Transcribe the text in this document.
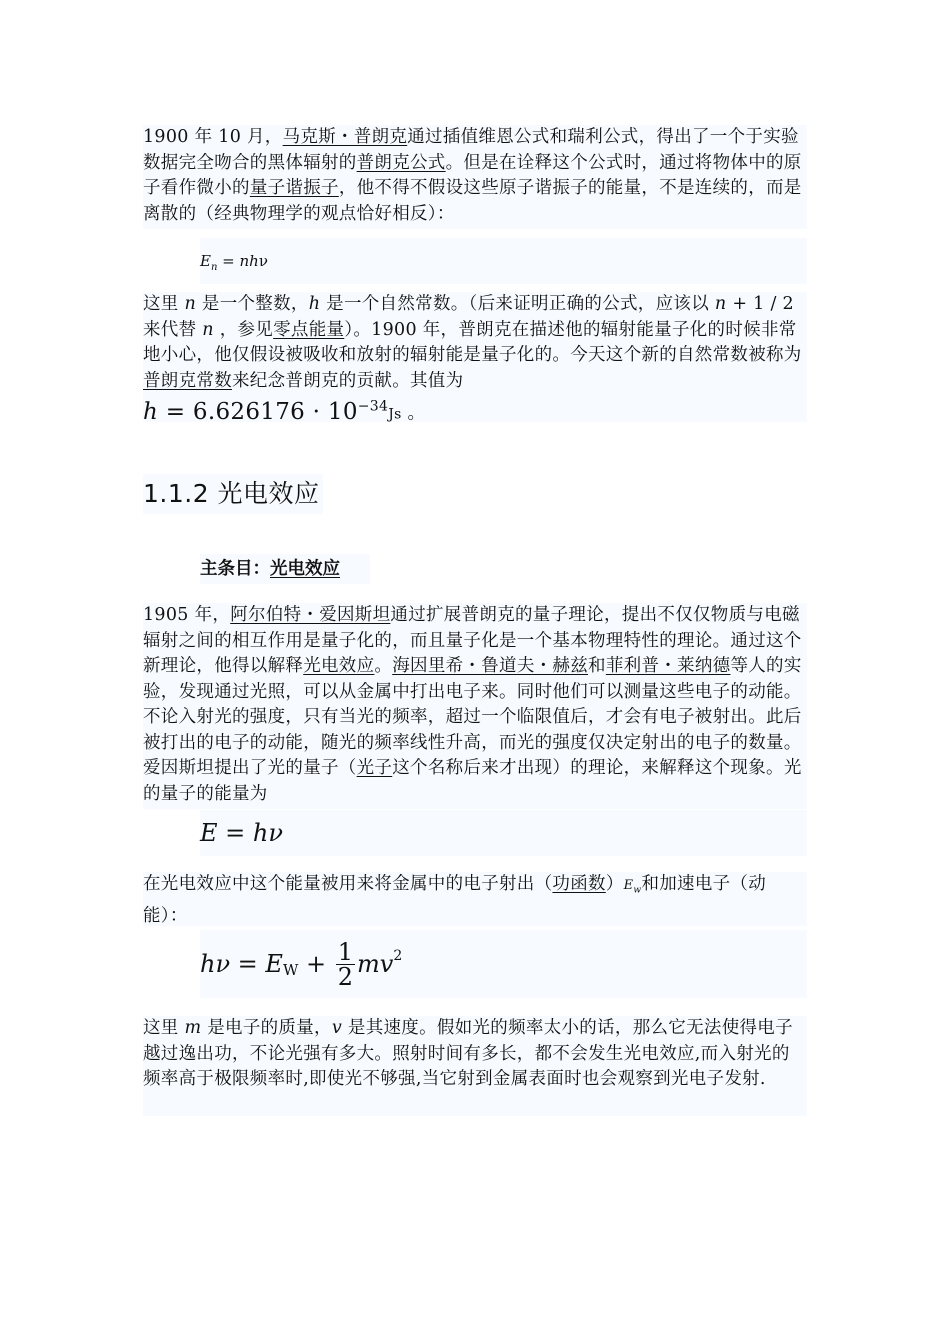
1900 年 10 月，马克斯・普朗克通过插值维恩公式和瑞利公式，得出了一个于实验数据完全吻合的黑体辐射的普朗克公式。但是在诠释这个公式时，通过将物体中的原子看作微小的量子谐振子，他不得不假设这些原子谐振子的能量，不是连续的，而是离散的（经典物理学的观点恰好相反）：

$E_n = nh\nu$

这里 n 是一个整数，h 是一个自然常数。（后来证明正确的公式，应该以 n + 1 / 2 来代替 n ，参见零点能量）。1900 年，普朗克在描述他的辐射能量子化的时候非常地小心，他仅假设被吸收和放射的辐射能是量子化的。今天这个新的自然常数被称为普朗克常数来纪念普朗克的贡献。其值为
$h = 6.626176 \cdot 10^{-34}Js$ 。

1.1.2 光电效应
主条目：光电效应

1905 年，阿尔伯特・爱因斯坦通过扩展普朗克的量子理论，提出不仅仅物质与电磁辐射之间的相互作用是量子化的，而且量子化是一个基本物理特性的理论。通过这个新理论，他得以解释光电效应。海因里希・鲁道夫・赫兹和菲利普・莱纳德等人的实验，发现通过光照，可以从金属中打出电子来。同时他们可以测量这些电子的动能。不论入射光的强度，只有当光的频率，超过一个临限值后，才会有电子被射出。此后被打出的电子的动能，随光的频率线性升高，而光的强度仅决定射出的电子的数量。爱因斯坦提出了光的量子（光子这个名称后来才出现）的理论，来解释这个现象。光的量子的能量为

E = hν

在光电效应中这个能量被用来将金属中的电子射出（功函数）$E_w$和加速电子（动能）：

$h\nu = E_W + \frac{1}{2} mv^2$

这里 m 是电子的质量，v 是其速度。假如光的频率太小的话，那么它无法使得电子越过逸出功，不论光强有多大。照射时间有多长，都不会发生光电效应,而入射光的频率高于极限频率时,即使光不够强,当它射到金属表面时也会观察到光电子发射.
